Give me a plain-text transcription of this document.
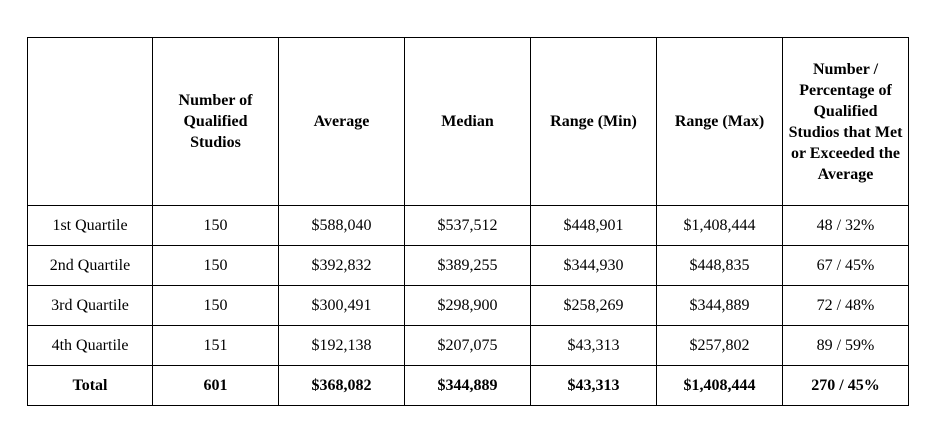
	Number of Qualified Studios	Average	Median	Range (Min)	Range (Max)	Number / Percentage of Qualified Studios that Met or Exceeded the Average
1st Quartile	150	$588,040	$537,512	$448,901	$1,408,444	48 / 32%
2nd Quartile	150	$392,832	$389,255	$344,930	$448,835	67 / 45%
3rd Quartile	150	$300,491	$298,900	$258,269	$344,889	72 / 48%
4th Quartile	151	$192,138	$207,075	$43,313	$257,802	89 / 59%
Total	601	$368,082	$344,889	$43,313	$1,408,444	270 / 45%
